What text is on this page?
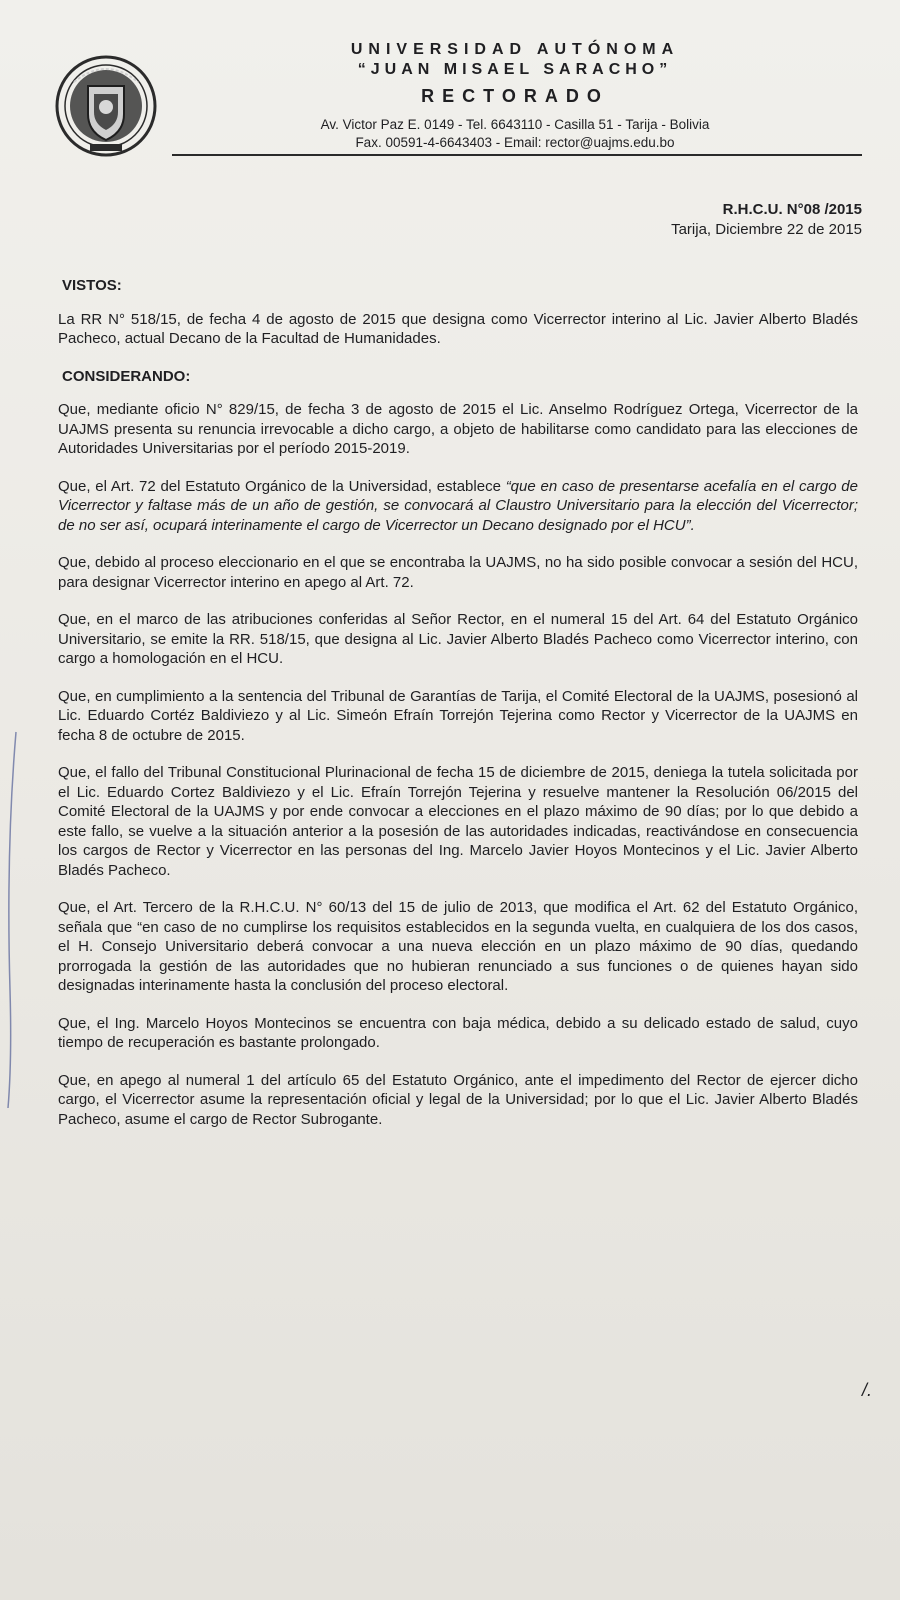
UNIVERSIDAD AUTÓNOMA
“JUAN MISAEL SARACHO”
RECTORADO
Av. Victor Paz E. 0149 - Tel. 6643110 - Casilla 51 - Tarija - Bolivia
Fax. 00591-4-6643403 - Email: rector@uajms.edu.bo
R.H.C.U. N°08 /2015
Tarija, Diciembre 22 de 2015
VISTOS:

La RR N° 518/15, de fecha 4 de agosto de 2015 que designa como Vicerrector interino al Lic. Javier Alberto Bladés Pacheco, actual Decano de la Facultad de Humanidades.

CONSIDERANDO:

Que, mediante oficio N° 829/15, de fecha 3 de agosto de 2015 el Lic. Anselmo Rodríguez Ortega, Vicerrector de la UAJMS presenta su renuncia irrevocable a dicho cargo, a objeto de habilitarse como candidato para las elecciones de Autoridades Universitarias por el período 2015-2019.

Que, el Art. 72 del Estatuto Orgánico de la Universidad, establece “que en caso de presentarse acefalía en el cargo de Vicerrector y faltase más de un año de gestión, se convocará al Claustro Universitario para la elección del Vicerrector; de no ser así, ocupará interinamente el cargo de Vicerrector un Decano designado por el HCU”.

Que, debido al proceso eleccionario en el que se encontraba la UAJMS, no ha sido posible convocar a sesión del HCU, para designar Vicerrector interino en apego al Art. 72.

Que, en el marco de las atribuciones conferidas al Señor Rector, en el numeral 15 del Art. 64 del Estatuto Orgánico Universitario, se emite la RR. 518/15, que designa al Lic. Javier Alberto Bladés Pacheco como Vicerrector interino, con cargo a homologación en el HCU.

Que, en cumplimiento a la sentencia del Tribunal de Garantías de Tarija, el Comité Electoral de la UAJMS, posesionó al Lic. Eduardo Cortéz Baldiviezo y al Lic. Simeón Efraín Torrejón Tejerina como Rector y Vicerrector de la UAJMS en fecha 8 de octubre de 2015.

Que, el fallo del Tribunal Constitucional Plurinacional de fecha 15 de diciembre de 2015, deniega la tutela solicitada por el Lic. Eduardo Cortez Baldiviezo y el Lic. Efraín Torrejón Tejerina y resuelve mantener la Resolución 06/2015 del Comité Electoral de la UAJMS y por ende convocar a elecciones en el plazo máximo de 90 días; por lo que debido a este fallo, se vuelve a la situación anterior a la posesión de las autoridades indicadas, reactivándose en consecuencia los cargos de Rector y Vicerrector en las personas del Ing. Marcelo Javier Hoyos Montecinos y el Lic. Javier Alberto Bladés Pacheco.

Que, el Art. Tercero de la R.H.C.U. N° 60/13 del 15 de julio de 2013, que modifica el Art. 62 del Estatuto Orgánico, señala que “en caso de no cumplirse los requisitos establecidos en la segunda vuelta, en cualquiera de los dos casos, el H. Consejo Universitario deberá convocar a una nueva elección en un plazo máximo de 90 días, quedando prorrogada la gestión de las autoridades que no hubieran renunciado a sus funciones o de quienes hayan sido designadas interinamente hasta la conclusión del proceso electoral.

Que, el Ing. Marcelo Hoyos Montecinos se encuentra con baja médica, debido a su delicado estado de salud, cuyo tiempo de recuperación es bastante prolongado.

Que, en apego al numeral 1 del artículo 65 del Estatuto Orgánico, ante el impedimento del Rector de ejercer dicho cargo, el Vicerrector asume la representación oficial y legal de la Universidad; por lo que el Lic. Javier Alberto Bladés Pacheco, asume el cargo de Rector Subrogante.

/.
